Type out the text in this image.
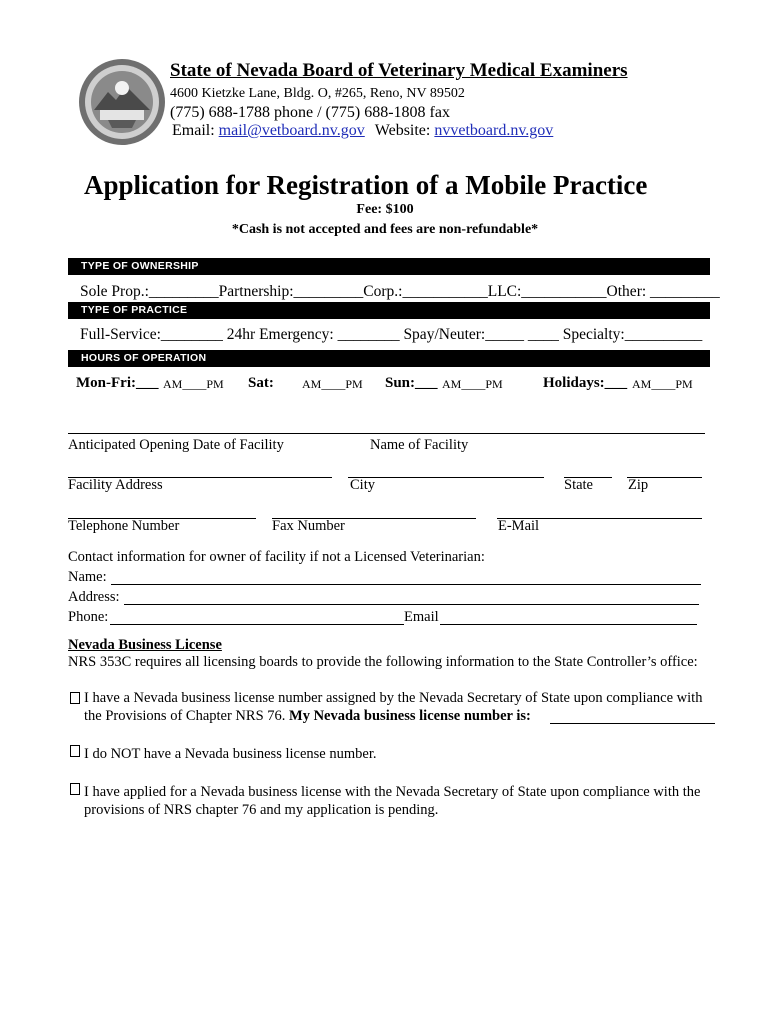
State of Nevada Board of Veterinary Medical Examiners
4600 Kietzke Lane, Bldg. O, #265, Reno, NV 89502
(775) 688-1788 phone / (775) 688-1808 fax
Email: mail@vetboard.nv.gov Website: nvvetboard.nv.gov
Application for Registration of a Mobile Practice
Fee: $100
*Cash is not accepted and fees are non-refundable*
TYPE OF OWNERSHIP
Sole Prop.:_________Partnership:_________Corp.:___________LLC:___________Other: _________
TYPE OF PRACTICE
Full-Service:________ 24hr Emergency: ________ Spay/Neuter:_____ ____ Specialty:__________
HOURS OF OPERATION
Mon-Fri:___ AM____PM Sat: AM____PM Sun:___ AM____PM	Holidays:___ AM____PM
Anticipated Opening Date of Facility	Name of Facility
Facility Address	City	State Zip
Telephone Number	Fax Number	E-Mail
Contact information for owner of facility if not a Licensed Veterinarian:
Name:
Address:
Phone:	Email
Nevada Business License
NRS 353C requires all licensing boards to provide the following information to the State Controller’s office:
I have a Nevada business license number assigned by the Nevada Secretary of State upon compliance with
the Provisions of Chapter NRS 76. My Nevada business license number is:
I do NOT have a Nevada business license number.
I have applied for a Nevada business license with the Nevada Secretary of State upon compliance with the
provisions of NRS chapter 76 and my application is pending.
